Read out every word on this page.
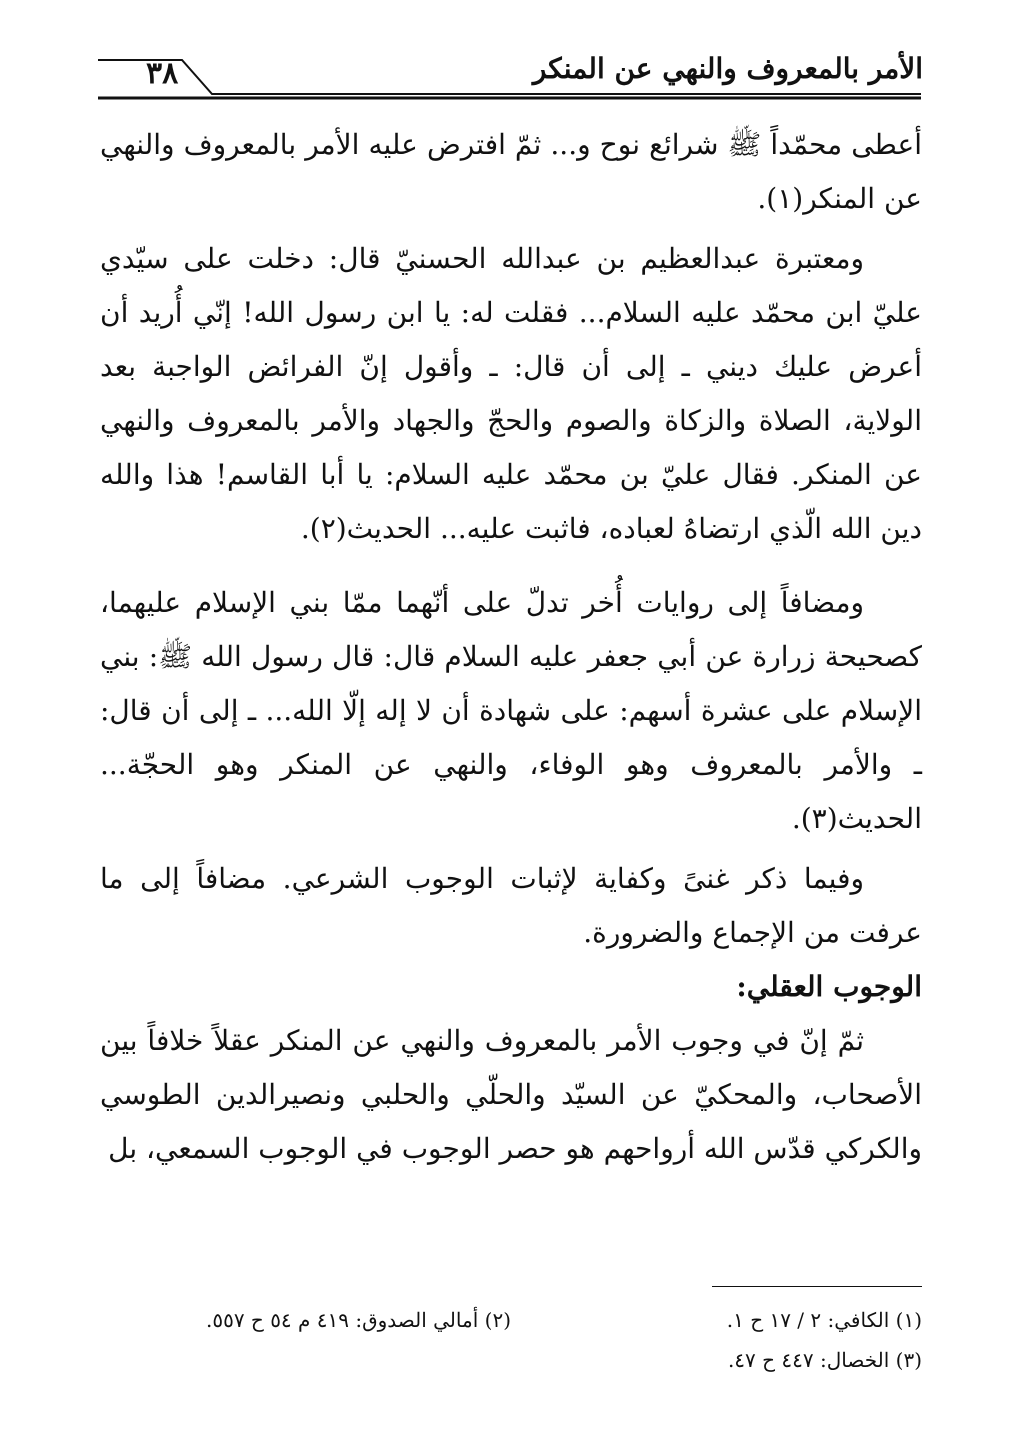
الأمر بالمعروف والنهي عن المنكر
٣٨

أعطى محمّداً ﷺ شرائع نوح و... ثمّ افترض عليه الأمر بالمعروف والنهي عن المنكر(١).

ومعتبرة عبدالعظيم بن عبدالله الحسنيّ قال: دخلت على سيّدي عليّ ابن محمّد عليه السلام... فقلت له: يا ابن رسول الله! إنّي أُريد أن أعرض عليك ديني ـ إلى أن قال: ـ وأقول إنّ الفرائض الواجبة بعد الولاية، الصلاة والزكاة والصوم والحجّ والجهاد والأمر بالمعروف والنهي عن المنكر. فقال عليّ بن محمّد عليه السلام: يا أبا القاسم! هذا والله دين الله الّذي ارتضاهُ لعباده، فاثبت عليه... الحديث(٢).

ومضافاً إلى روايات أُخر تدلّ على أنّهما ممّا بني الإسلام عليهما، كصحيحة زرارة عن أبي جعفر عليه السلام قال: قال رسول الله ﷺ: بني الإسلام على عشرة أسهم: على شهادة أن لا إله إلّا الله... ـ إلى أن قال: ـ والأمر بالمعروف وهو الوفاء، والنهي عن المنكر وهو الحجّة... الحديث(٣).

وفيما ذكر غنىً وكفاية لإثبات الوجوب الشرعي. مضافاً إلى ما عرفت من الإجماع والضرورة.

الوجوب العقلي:

ثمّ إنّ في وجوب الأمر بالمعروف والنهي عن المنكر عقلاً خلافاً بين الأصحاب، والمحكيّ عن السيّد والحلّي والحلبي ونصيرالدين الطوسي والكركي قدّس الله أرواحهم هو حصر الوجوب في الوجوب السمعي، بل

(١) الكافي: ٢ / ١٧ ح ١.
(٢) أمالي الصدوق: ٤١٩ م ٥٤ ح ٥٥٧.
(٣) الخصال: ٤٤٧ ح ٤٧.
